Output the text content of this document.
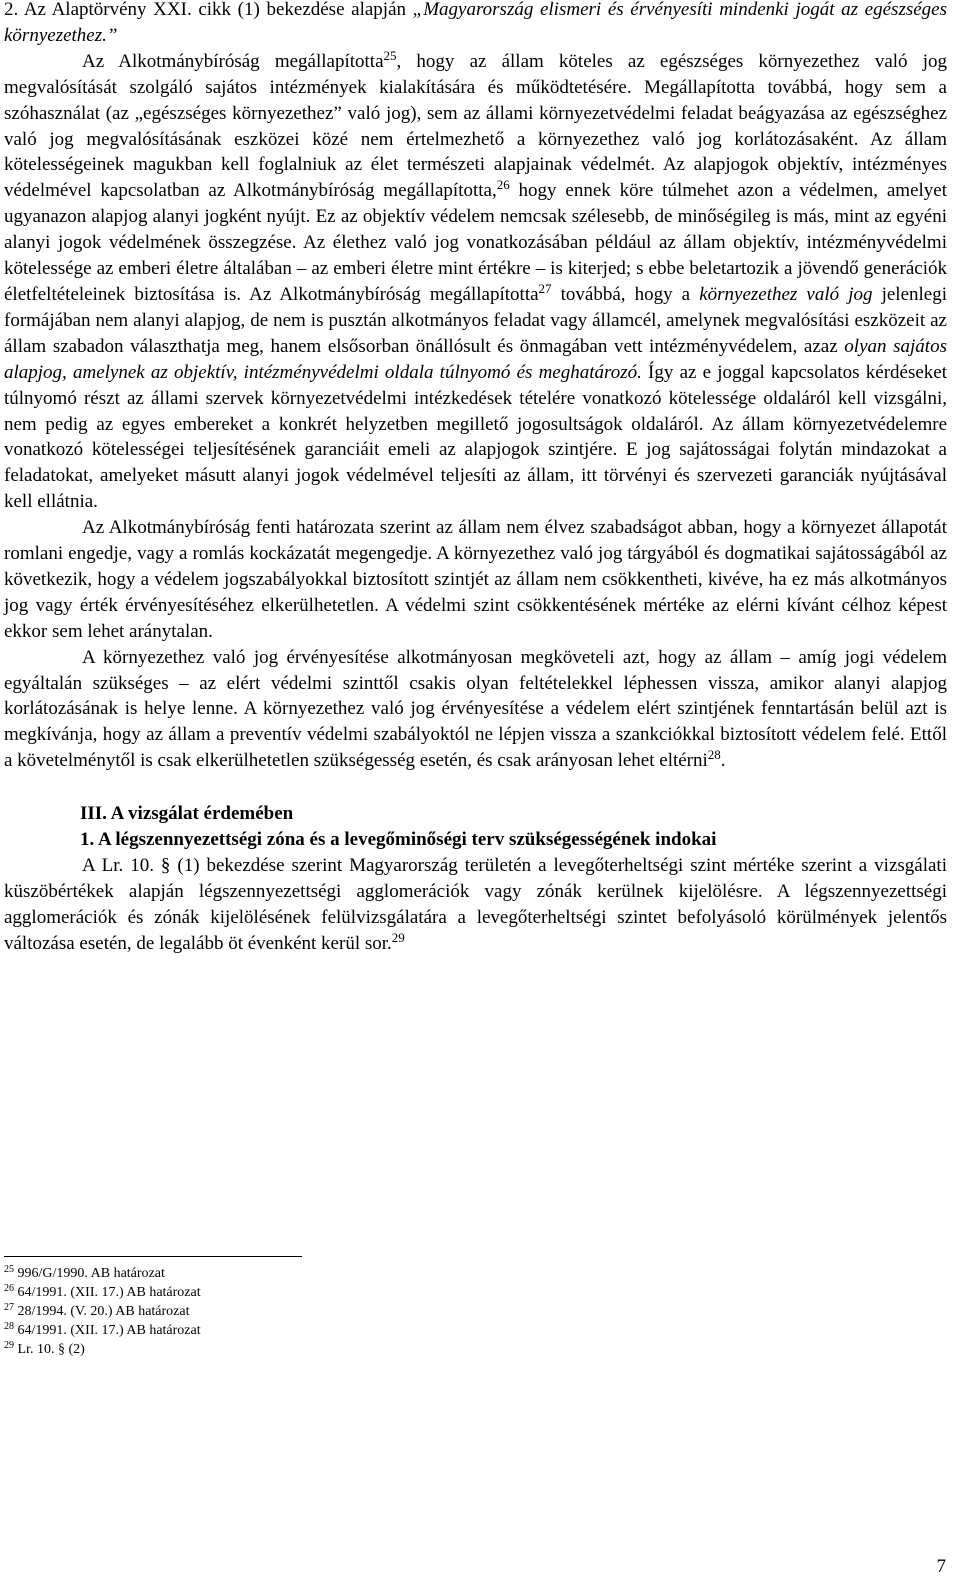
2. Az Alaptörvény XXI. cikk (1) bekezdése alapján „Magyarország elismeri és érvényesíti mindenki jogát az egészséges környezethez.”

Az Alkotmánybíróság megállapította$^{25}$, hogy az állam köteles az egészséges környezethez való jog megvalósítását szolgáló sajátos intézmények kialakítására és működtetésére. Megállapította továbbá, hogy sem a szóhasználat (az „egészséges környezethez” való jog), sem az állami környezetvédelmi feladat beágyazása az egészséghez való jog megvalósításának eszközei közé nem értelmezhető a környezethez való jog korlátozásaként. Az állam kötelességeinek magukban kell foglalniuk az élet természeti alapjainak védelmét. Az alapjogok objektív, intézményes védelmével kapcsolatban az Alkotmánybíróság megállapította,$^{26}$ hogy ennek köre túlmehet azon a védelmen, amelyet ugyanazon alapjog alanyi jogként nyújt. Ez az objektív védelem nemcsak szélesebb, de minőségileg is más, mint az egyéni alanyi jogok védelmének összegzése. Az élethez való jog vonatkozásában például az állam objektív, intézményvédelmi kötelessége az emberi életre általában – az emberi életre mint értékre – is kiterjed; s ebbe beletartozik a jövendő generációk életfeltételeinek biztosítása is. Az Alkotmánybíróság megállapította$^{27}$ továbbá, hogy a környezethez való jog jelenlegi formájában nem alanyi alapjog, de nem is pusztán alkotmányos feladat vagy államcél, amelynek megvalósítási eszközeit az állam szabadon választhatja meg, hanem elsősorban önállósult és önmagában vett intézményvédelem, azaz olyan sajátos alapjog, amelynek az objektív, intézményvédelmi oldala túlnyomó és meghatározó. Így az e joggal kapcsolatos kérdéseket túlnyomó részt az állami szervek környezetvédelmi intézkedések tételére vonatkozó kötelessége oldaláról kell vizsgálni, nem pedig az egyes embereket a konkrét helyzetben megillető jogosultságok oldaláról. Az állam környezetvédelemre vonatkozó kötelességei teljesítésének garanciáit emeli az alapjogok szintjére. E jog sajátosságai folytán mindazokat a feladatokat, amelyeket másutt alanyi jogok védelmével teljesíti az állam, itt törvényi és szervezeti garanciák nyújtásával kell ellátnia.

Az Alkotmánybíróság fenti határozata szerint az állam nem élvez szabadságot abban, hogy a környezet állapotát romlani engedje, vagy a romlás kockázatát megengedje. A környezethez való jog tárgyából és dogmatikai sajátosságából az következik, hogy a védelem jogszabályokkal biztosított szintjét az állam nem csökkentheti, kivéve, ha ez más alkotmányos jog vagy érték érvényesítéséhez elkerülhetetlen. A védelmi szint csökkentésének mértéke az elérni kívánt célhoz képest ekkor sem lehet aránytalan.

A környezethez való jog érvényesítése alkotmányosan megköveteli azt, hogy az állam – amíg jogi védelem egyáltalán szükséges – az elért védelmi szinttől csakis olyan feltételekkel léphessen vissza, amikor alanyi alapjog korlátozásának is helye lenne. A környezethez való jog érvényesítése a védelem elért szintjének fenntartásán belül azt is megkívánja, hogy az állam a preventív védelmi szabályoktól ne lépjen vissza a szankciókkal biztosított védelem felé. Ettől a követelménytől is csak elkerülhetetlen szükségesség esetén, és csak arányosan lehet eltérni$^{28}$.

III. A vizsgálat érdemében
1. A légszennyezettségi zóna és a levegőminőségi terv szükségességének indokai

A Lr. 10. § (1) bekezdése szerint Magyarország területén a levegőterheltségi szint mértéke szerint a vizsgálati küszöbértékek alapján légszennyezettségi agglomerációk vagy zónák kerülnek kijelölésre. A légszennyezettségi agglomerációk és zónák kijelölésének felülvizsgálatára a levegőterheltségi szintet befolyásoló körülmények jelentős változása esetén, de legalább öt évenként kerül sor.$^{29}$

$^{25}$ 996/G/1990. AB határozat
$^{26}$ 64/1991. (XII. 17.) AB határozat
$^{27}$ 28/1994. (V. 20.) AB határozat
$^{28}$ 64/1991. (XII. 17.) AB határozat
$^{29}$ Lr. 10. § (2)
7
